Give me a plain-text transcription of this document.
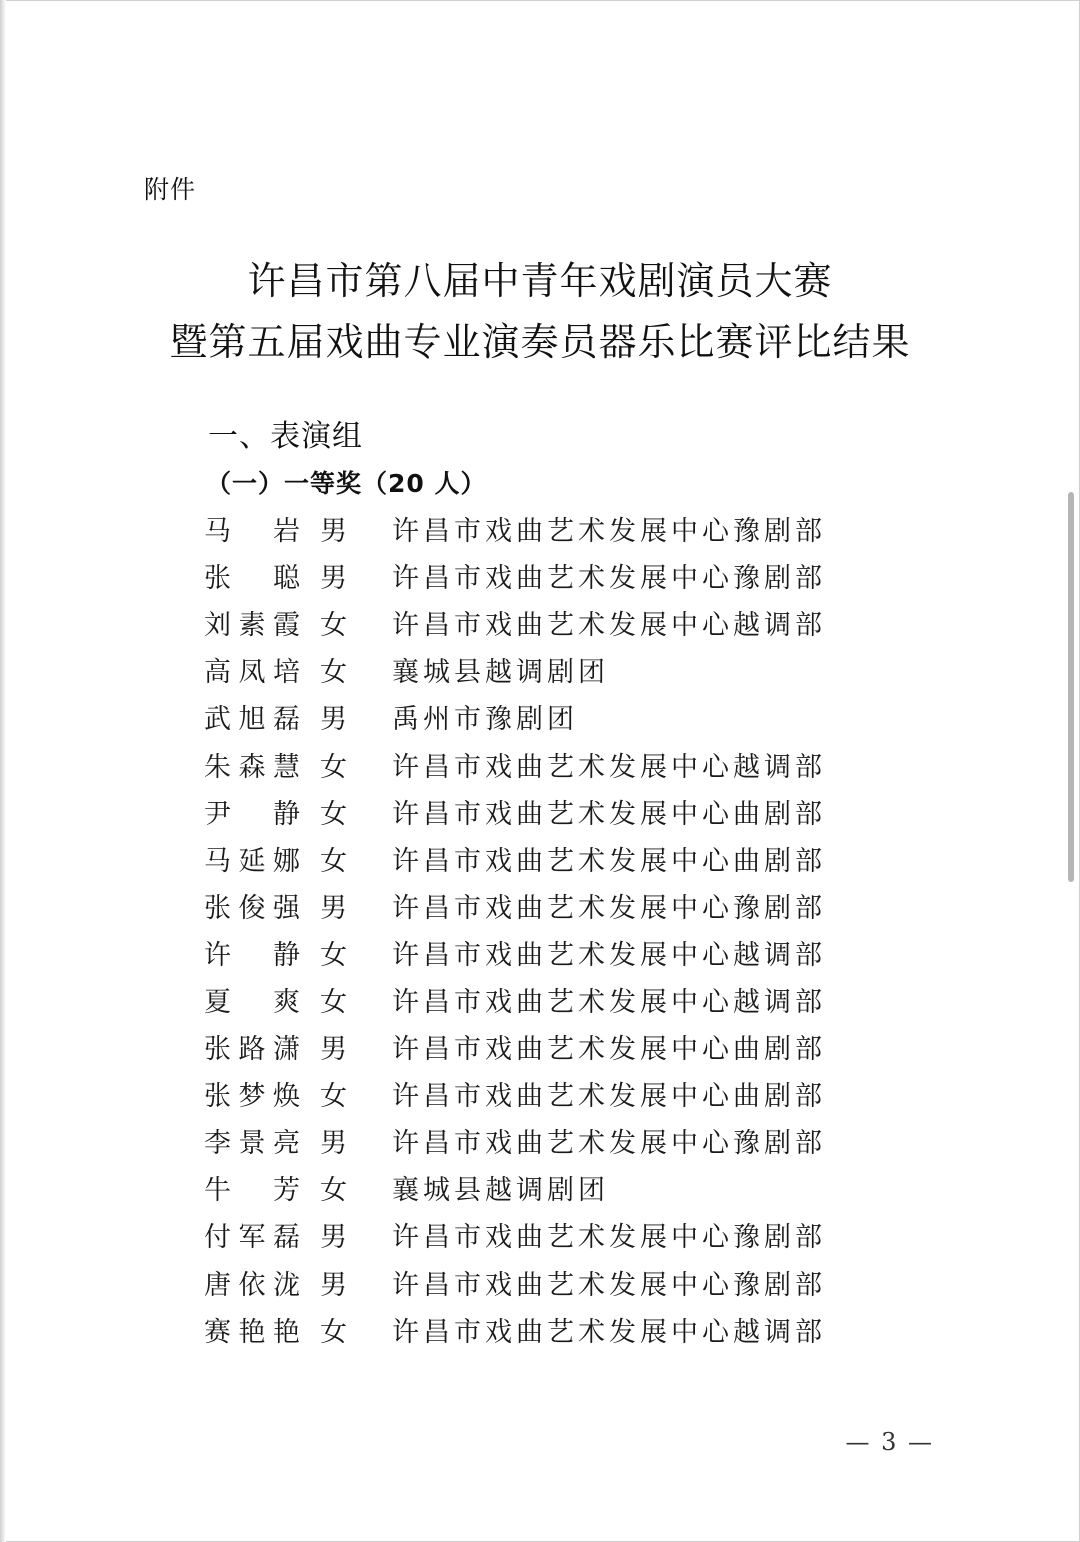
附件
许昌市第八届中青年戏剧演员大赛
暨第五届戏曲专业演奏员器乐比赛评比结果
一、表演组
（一）一等奖（20 人）
马 岩 男	许昌市戏曲艺术发展中心豫剧部
张 聪 男	许昌市戏曲艺术发展中心豫剧部
刘 素 霞 女	许昌市戏曲艺术发展中心越调部
高 凤 培 女	襄城县越调剧团
武 旭 磊 男	禹州市豫剧团
朱 森 慧 女	许昌市戏曲艺术发展中心越调部
尹 静 女	许昌市戏曲艺术发展中心曲剧部
马 延 娜 女	许昌市戏曲艺术发展中心曲剧部
张 俊 强 男	许昌市戏曲艺术发展中心豫剧部
许 静 女	许昌市戏曲艺术发展中心越调部
夏 爽 女	许昌市戏曲艺术发展中心越调部
张 路 潇 男	许昌市戏曲艺术发展中心曲剧部
张 梦 焕 女	许昌市戏曲艺术发展中心曲剧部
李 景 亮 男	许昌市戏曲艺术发展中心豫剧部
牛 芳 女	襄城县越调剧团
付 军 磊 男	许昌市戏曲艺术发展中心豫剧部
唐 依 泷 男	许昌市戏曲艺术发展中心豫剧部
赛 艳 艳 女	许昌市戏曲艺术发展中心越调部
— 3 —
